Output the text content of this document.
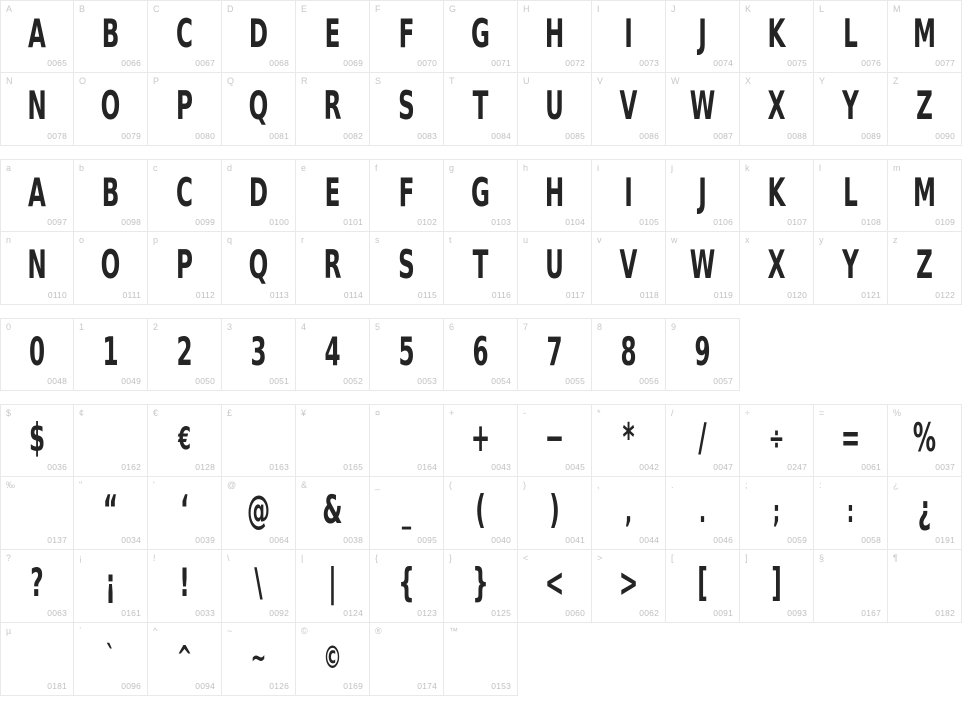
A
A
0065
B
B
0066
C
C
0067
D
D
0068
E
E
0069
F
F
0070
G
G
0071
H
H
0072
I
I
0073
J
J
0074
K
K
0075
L
L
0076
M
M
0077
N
N
0078
O
O
0079
P
P
0080
Q
Q
0081
R
R
0082
S
S
0083
T
T
0084
U
U
0085
V
V
0086
W
W
0087
X
X
0088
Y
Y
0089
Z
Z
0090
a
A
0097
b
B
0098
c
C
0099
d
D
0100
e
E
0101
f
F
0102
g
G
0103
h
H
0104
i
I
0105
j
J
0106
k
K
0107
l
L
0108
m
M
0109
n
N
0110
o
O
0111
p
P
0112
q
Q
0113
r
R
0114
s
S
0115
t
T
0116
u
U
0117
v
V
0118
w
W
0119
x
X
0120
y
Y
0121
z
Z
0122
0
0
0048
1
1
0049
2
2
0050
3
3
0051
4
4
0052
5
5
0053
6
6
0054
7
7
0055
8
8
0056
9
9
0057
$
$
0036
¢
0162
€
€
0128
£
0163
¥
0165
¤
0164
+
+
0043
-
−
0045
*
*
0042
/
/
0047
÷
÷
0247
=
=
0061
%
%
0037
‰
0137
"
“
0034
'
‘
0039
@
@
0064
&
&
0038
_
_
0095
(
(
0040
)
)
0041
,
,
0044
.
.
0046
;
;
0059
:
:
0058
¿
¿
0191
?
?
0063
¡
¡
0161
!
!
0033
\
\
0092
|
|
0124
{
{
0123
}
}
0125
<
<
0060
>
>
0062
[
[
0091
]
]
0093
§
0167
¶
0182
µ
0181
`
`
0096
^
^
0094
~
~
0126
©
©
0169
®
0174
™
0153
